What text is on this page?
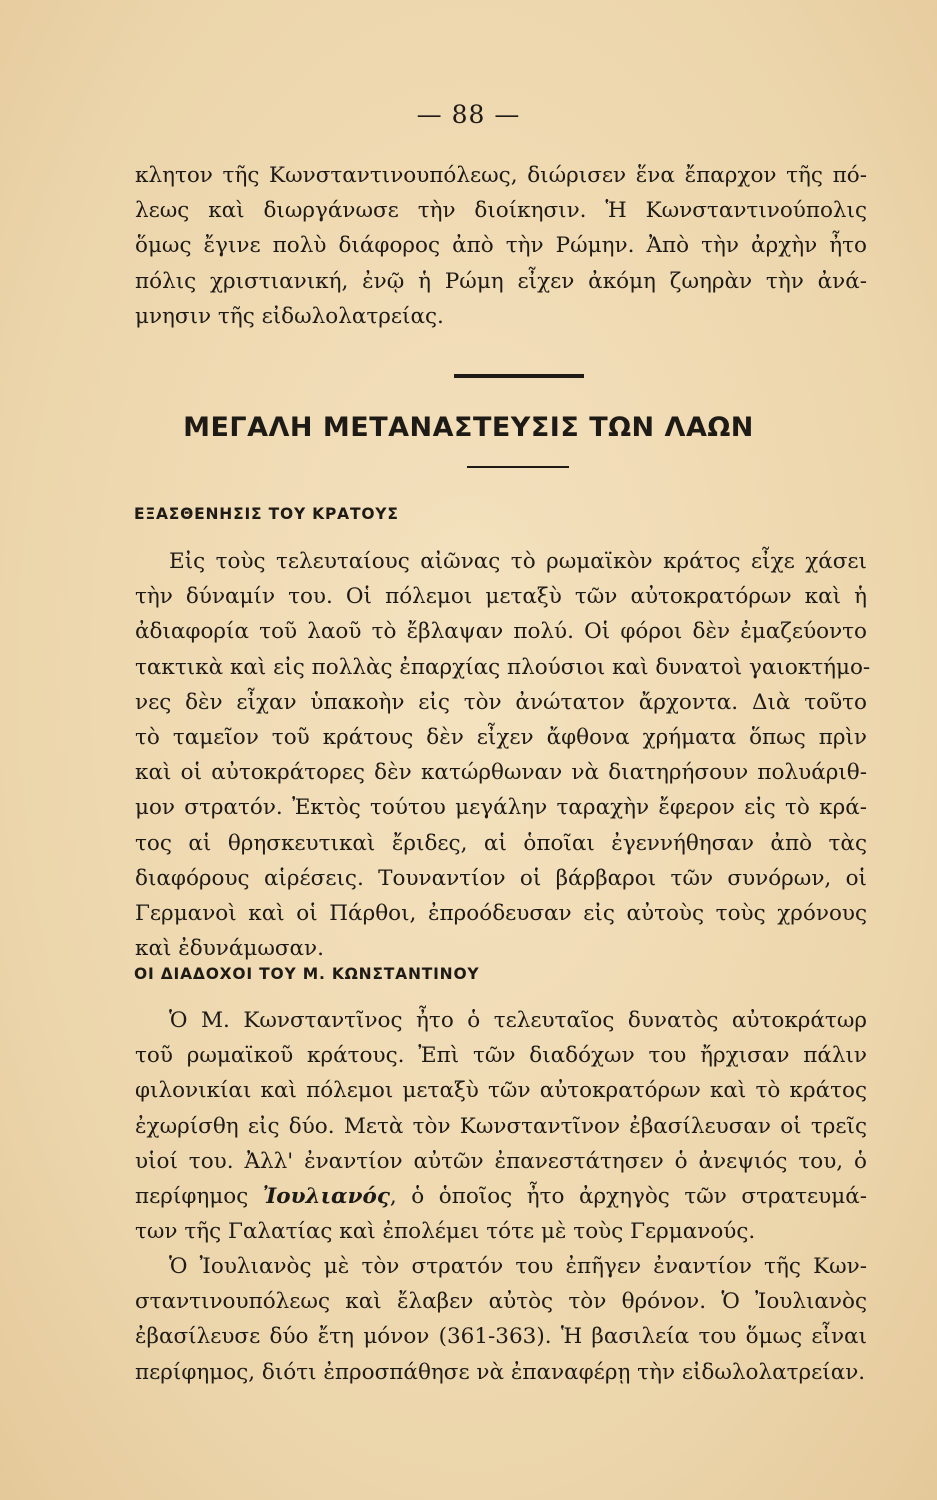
— 88 —
κλητον τῆς Κωνσταντινουπόλεως, διώρισεν ἕνα ἔπαρχον τῆς πό-
λεως καὶ διωργάνωσε τὴν διοίκησιν. Ἡ Κωνσταντινούπολις
ὅμως ἔγινε πολὺ διάφορος ἀπὸ τὴν Ρώμην. Ἀπὸ τὴν ἀρχὴν ἦτο
πόλις χριστιανική, ἐνῷ ἡ Ρώμη εἶχεν ἀκόμη ζωηρὰν τὴν ἀνά-
μνησιν τῆς εἰδωλολατρείας.
ΜΕΓΑΛΗ ΜΕΤΑΝΑΣΤΕΥΣΙΣ ΤΩΝ ΛΑΩΝ
ΕΞΑΣΘΕΝΗΣΙΣ ΤΟΥ ΚΡΑΤΟΥΣ
Εἰς τοὺς τελευταίους αἰῶνας τὸ ρωμαϊκὸν κράτος εἶχε χάσει
τὴν δύναμίν του. Οἱ πόλεμοι μεταξὺ τῶν αὐτοκρατόρων καὶ ἡ
ἀδιαφορία τοῦ λαοῦ τὸ ἔβλαψαν πολύ. Οἱ φόροι δὲν ἐμαζεύοντο
τακτικὰ καὶ εἰς πολλὰς ἐπαρχίας πλούσιοι καὶ δυνατοὶ γαιοκτήμο-
νες δὲν εἶχαν ὑπακοὴν εἰς τὸν ἀνώτατον ἄρχοντα. Διὰ τοῦτο
τὸ ταμεῖον τοῦ κράτους δὲν εἶχεν ἄφθονα χρήματα ὅπως πρὶν
καὶ οἱ αὐτοκράτορες δὲν κατώρθωναν νὰ διατηρήσουν πολυάριθ-
μον στρατόν. Ἐκτὸς τούτου μεγάλην ταραχὴν ἔφερον εἰς τὸ κρά-
τος αἱ θρησκευτικαὶ ἔριδες, αἱ ὁποῖαι ἐγεννήθησαν ἀπὸ τὰς
διαφόρους αἱρέσεις. Τουναντίον οἱ βάρβαροι τῶν συνόρων, οἱ
Γερμανοὶ καὶ οἱ Πάρθοι, ἐπροόδευσαν εἰς αὐτοὺς τοὺς χρόνους
καὶ ἐδυνάμωσαν.
ΟΙ ΔΙΑΔΟΧΟΙ ΤΟΥ Μ. ΚΩΝΣΤΑΝΤΙΝΟΥ
Ὁ Μ. Κωνσταντῖνος ἦτο ὁ τελευταῖος δυνατὸς αὐτοκράτωρ
τοῦ ρωμαϊκοῦ κράτους. Ἐπὶ τῶν διαδόχων του ἤρχισαν πάλιν
φιλονικίαι καὶ πόλεμοι μεταξὺ τῶν αὐτοκρατόρων καὶ τὸ κράτος
ἐχωρίσθη εἰς δύο. Μετὰ τὸν Κωνσταντῖνον ἐβασίλευσαν οἱ τρεῖς
υἱοί του. Ἀλλ' ἐναντίον αὐτῶν ἐπανεστάτησεν ὁ ἀνεψιός του, ὁ
περίφημος Ἰουλιανός, ὁ ὁποῖος ἦτο ἀρχηγὸς τῶν στρατευμά-
των τῆς Γαλατίας καὶ ἐπολέμει τότε μὲ τοὺς Γερμανούς.
Ὁ Ἰουλιανὸς μὲ τὸν στρατόν του ἐπῆγεν ἐναντίον τῆς Κων-
σταντινουπόλεως καὶ ἔλαβεν αὐτὸς τὸν θρόνον. Ὁ Ἰουλιανὸς
ἐβασίλευσε δύο ἔτη μόνον (361-363). Ἡ βασιλεία του ὅμως εἶναι
περίφημος, διότι ἐπροσπάθησε νὰ ἐπαναφέρῃ τὴν εἰδωλολατρείαν.
